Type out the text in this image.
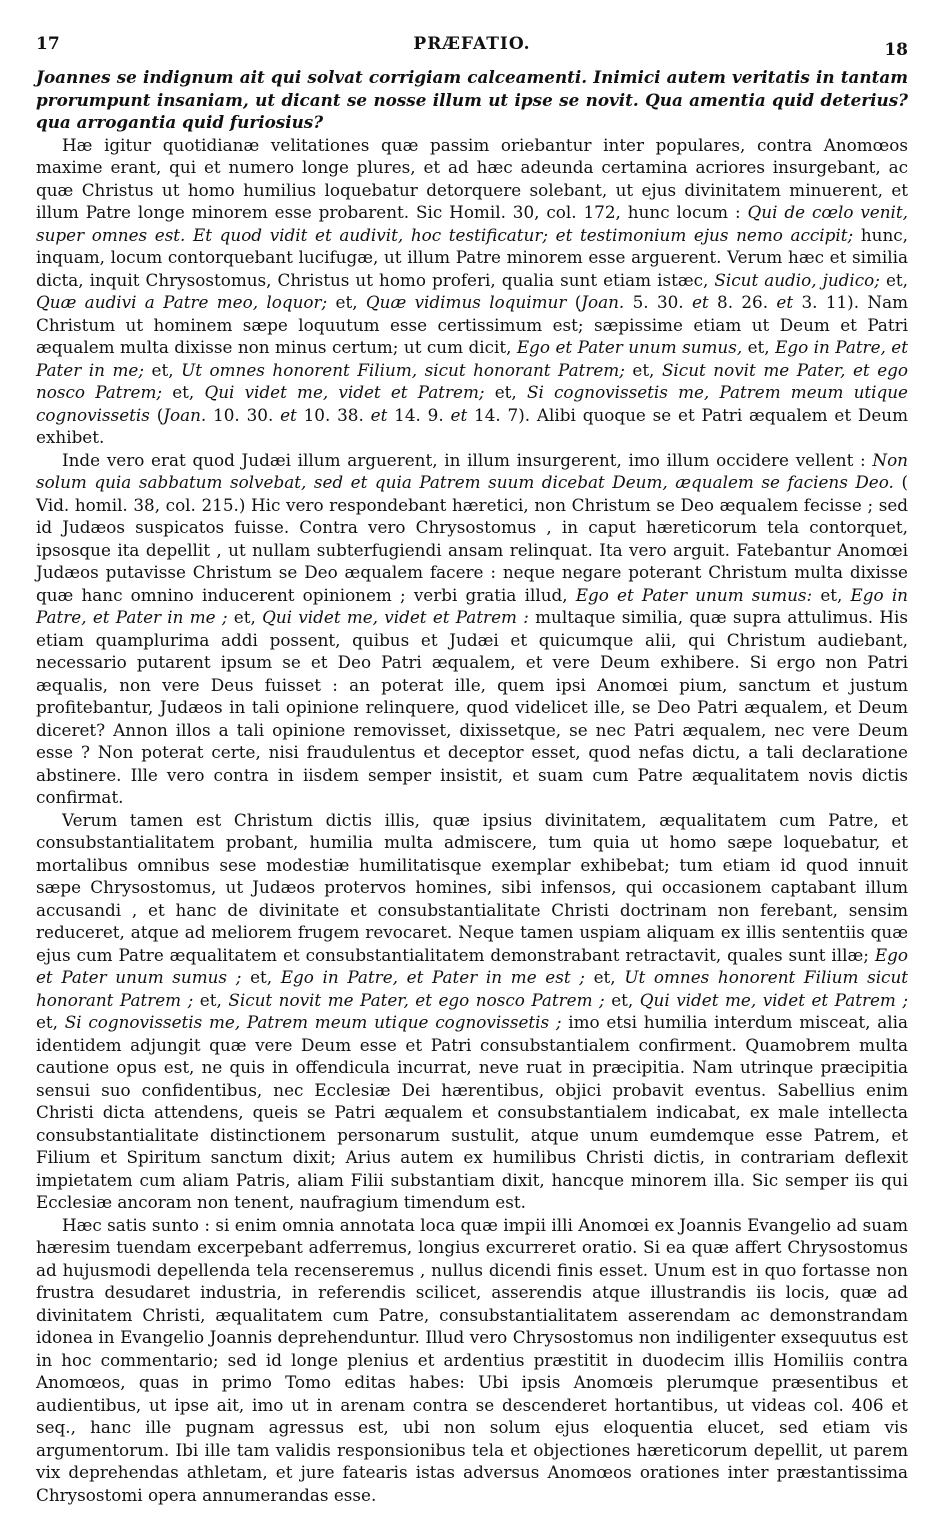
17	PRÆFATIO.	18

Joannes se indignum ait qui solvat corrigiam calceamenti. Inimici autem veritatis in tantam prorumpunt insaniam, ut dicant se nosse illum ut ipse se novit. Qua amentia quid deterius? qua arrogantia quid furiosius?

Hæ igitur quotidianæ velitationes quæ passim oriebantur inter populares, contra Anomœos maxime erant, qui et numero longe plures, et ad hæc adeunda certamina acriores insurgebant, ac quæ Christus ut homo humilius loquebatur detorquere solebant, ut ejus divinitatem minuerent, et illum Patre longe minorem esse probarent. Sic Homil. 30, col. 172, hunc locum : Qui de cœlo venit, super omnes est. Et quod vidit et audivit, hoc testificatur; et testimonium ejus nemo accipit; hunc, inquam, locum contorquebant lucifugæ, ut illum Patre minorem esse arguerent. Verum hæc et similia dicta, inquit Chrysostomus, Christus ut homo proferi, qualia sunt etiam istæc, Sicut audio, judico; et, Quæ audivi a Patre meo, loquor; et, Quæ vidimus loquimur (Joan. 5. 30. et 8. 26. et 3. 11). Nam Christum ut hominem sæpe loquutum esse certissimum est; sæpissime etiam ut Deum et Patri æqualem multa dixisse non minus certum; ut cum dicit, Ego et Pater unum sumus, et, Ego in Patre, et Pater in me; et, Ut omnes honorent Filium, sicut honorant Patrem; et, Sicut novit me Pater, et ego nosco Patrem; et, Qui videt me, videt et Patrem; et, Si cognovissetis me, Patrem meum utique cognovissetis (Joan. 10. 30. et 10. 38. et 14. 9. et 14. 7). Alibi quoque se et Patri æqualem et Deum exhibet.

Inde vero erat quod Judæi illum arguerent, in illum insurgerent, imo illum occidere vellent : Non solum quia sabbatum solvebat, sed et quia Patrem suum dicebat Deum, æqualem se faciens Deo. ( Vid. homil. 38, col. 215.) Hic vero respondebant hæretici, non Christum se Deo æqualem fecisse ; sed id Judæos suspicatos fuisse. Contra vero Chrysostomus , in caput hæreticorum tela contorquet, ipsosque ita depellit , ut nullam subterfugiendi ansam relinquat. Ita vero arguit. Fatebantur Anomœi Judæos putavisse Christum se Deo æqualem facere : neque negare poterant Christum multa dixisse quæ hanc omnino inducerent opinionem ; verbi gratia illud, Ego et Pater unum sumus: et, Ego in Patre, et Pater in me ; et, Qui videt me, videt et Patrem : multaque similia, quæ supra attulimus. His etiam quamplurima addi possent, quibus et Judæi et quicumque alii, qui Christum audiebant, necessario putarent ipsum se et Deo Patri æqualem, et vere Deum exhibere. Si ergo non Patri æqualis, non vere Deus fuisset : an poterat ille, quem ipsi Anomœi pium, sanctum et justum profitebantur, Judæos in tali opinione relinquere, quod videlicet ille, se Deo Patri æqualem, et Deum diceret? Annon illos a tali opinione removisset, dixissetque, se nec Patri æqualem, nec vere Deum esse ? Non poterat certe, nisi fraudulentus et deceptor esset, quod nefas dictu, a tali declaratione abstinere. Ille vero contra in iisdem semper insistit, et suam cum Patre æqualitatem novis dictis confirmat.

Verum tamen est Christum dictis illis, quæ ipsius divinitatem, æqualitatem cum Patre, et consubstantialitatem probant, humilia multa admiscere, tum quia ut homo sæpe loquebatur, et mortalibus omnibus sese modestiæ humilitatisque exemplar exhibebat; tum etiam id quod innuit sæpe Chrysostomus, ut Judæos protervos homines, sibi infensos, qui occasionem captabant illum accusandi , et hanc de divinitate et consubstantialitate Christi doctrinam non ferebant, sensim reduceret, atque ad meliorem frugem revocaret. Neque tamen uspiam aliquam ex illis sententiis quæ ejus cum Patre æqualitatem et consubstantialitatem demonstrabant retractavit, quales sunt illæ; Ego et Pater unum sumus ; et, Ego in Patre, et Pater in me est ; et, Ut omnes honorent Filium sicut honorant Patrem ; et, Sicut novit me Pater, et ego nosco Patrem ; et, Qui videt me, videt et Patrem ; et, Si cognovissetis me, Patrem meum utique cognovissetis ; imo etsi humilia interdum misceat, alia identidem adjungit quæ vere Deum esse et Patri consubstantialem confirment. Quamobrem multa cautione opus est, ne quis in offendicula incurrat, neve ruat in præcipitia. Nam utrinque præcipitia sensui suo confidentibus, nec Ecclesiæ Dei hærentibus, objici probavit eventus. Sabellius enim Christi dicta attendens, queis se Patri æqualem et consubstantialem indicabat, ex male intellecta consubstantialitate distinctionem personarum sustulit, atque unum eumdemque esse Patrem, et Filium et Spiritum sanctum dixit; Arius autem ex humilibus Christi dictis, in contrariam deflexit impietatem cum aliam Patris, aliam Filii substantiam dixit, hancque minorem illa. Sic semper iis qui Ecclesiæ ancoram non tenent, naufragium timendum est.

Hæc satis sunto : si enim omnia annotata loca quæ impii illi Anomœi ex Joannis Evangelio ad suam hæresim tuendam excerpebant adferremus, longius excurreret oratio. Si ea quæ affert Chrysostomus ad hujusmodi depellenda tela recenseremus , nullus dicendi finis esset. Unum est in quo fortasse non frustra desudaret industria, in referendis scilicet, asserendis atque illustrandis iis locis, quæ ad divinitatem Christi, æqualitatem cum Patre, consubstantialitatem asserendam ac demonstrandam idonea in Evangelio Joannis deprehenduntur. Illud vero Chrysostomus non indiligenter exsequutus est in hoc commentario; sed id longe plenius et ardentius præstitit in duodecim illis Homiliis contra Anomœos, quas in primo Tomo editas habes: Ubi ipsis Anomœis plerumque præsentibus et audientibus, ut ipse ait, imo ut in arenam contra se descenderet hortantibus, ut videas col. 406 et seq., hanc ille pugnam agressus est, ubi non solum ejus eloquentia elucet, sed etiam vis argumentorum. Ibi ille tam validis responsionibus tela et objectiones hæreticorum depellit, ut parem vix deprehendas athletam, et jure fatearis istas adversus Anomœos orationes inter præstantissima Chrysostomi opera annumerandas esse.
